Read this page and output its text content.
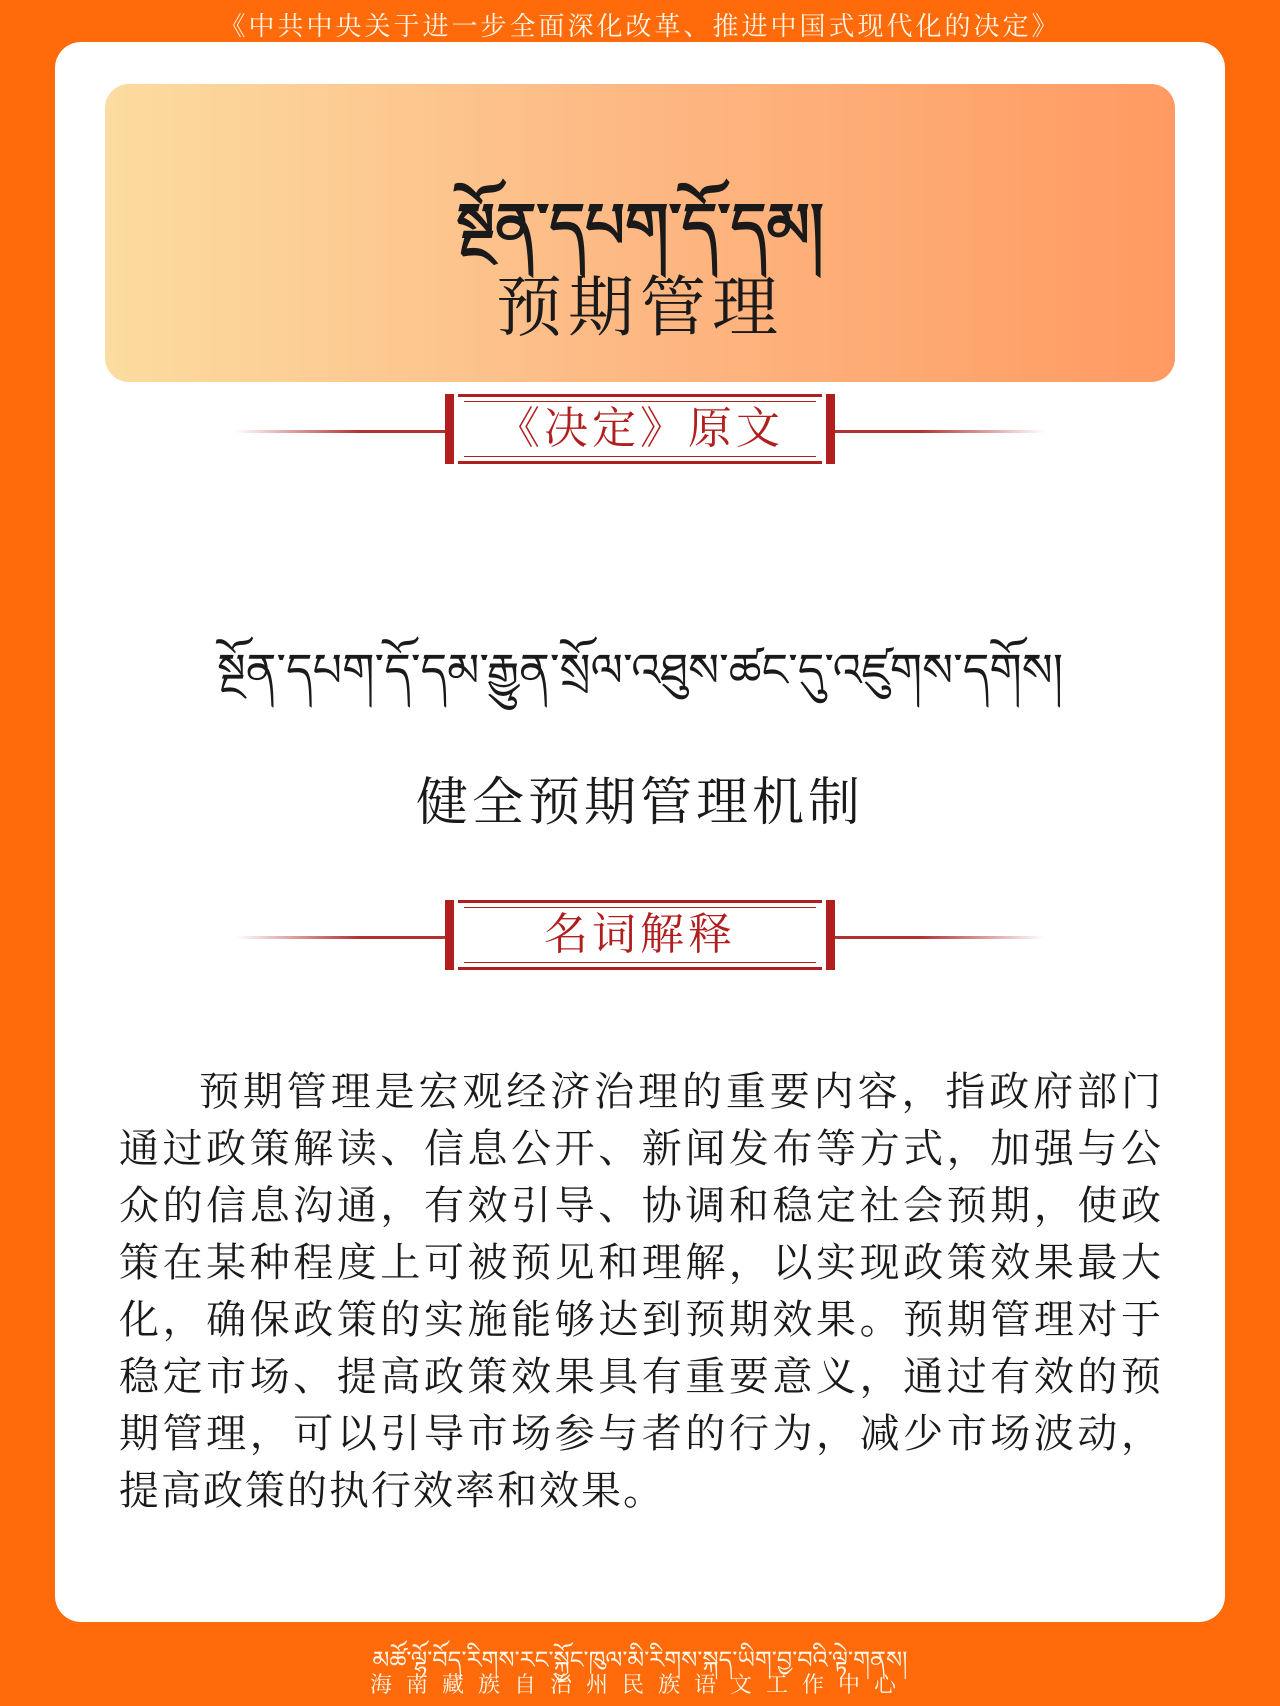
《中共中央关于进一步全面深化改革、推进中国式现代化的决定》
སྔོན་དཔག་དོ་དམ།
预期管理
《决定》原文
སྔོན་དཔག་དོ་དམ་རྒྱུན་སྲོལ་འཐུས་ཚང་དུ་འཛུགས་དགོས།
健全预期管理机制
名词解释

预期管理是宏观经济治理的重要内容，指政府部门通过政策解读、信息公开、新闻发布等方式，加强与公众的信息沟通，有效引导、协调和稳定社会预期，使政策在某种程度上可被预见和理解，以实现政策效果最大化，确保政策的实施能够达到预期效果。预期管理对于稳定市场、提高政策效果具有重要意义，通过有效的预期管理，可以引导市场参与者的行为，减少市场波动，提高政策的执行效率和效果。

མཚོ་ལྷོ་བོད་རིགས་རང་སྐྱོང་ཁུལ་མི་རིགས་སྐད་ཡིག་བྱ་བའི་ལྟེ་གནས།
海南藏族自治州民族语文工作中心
